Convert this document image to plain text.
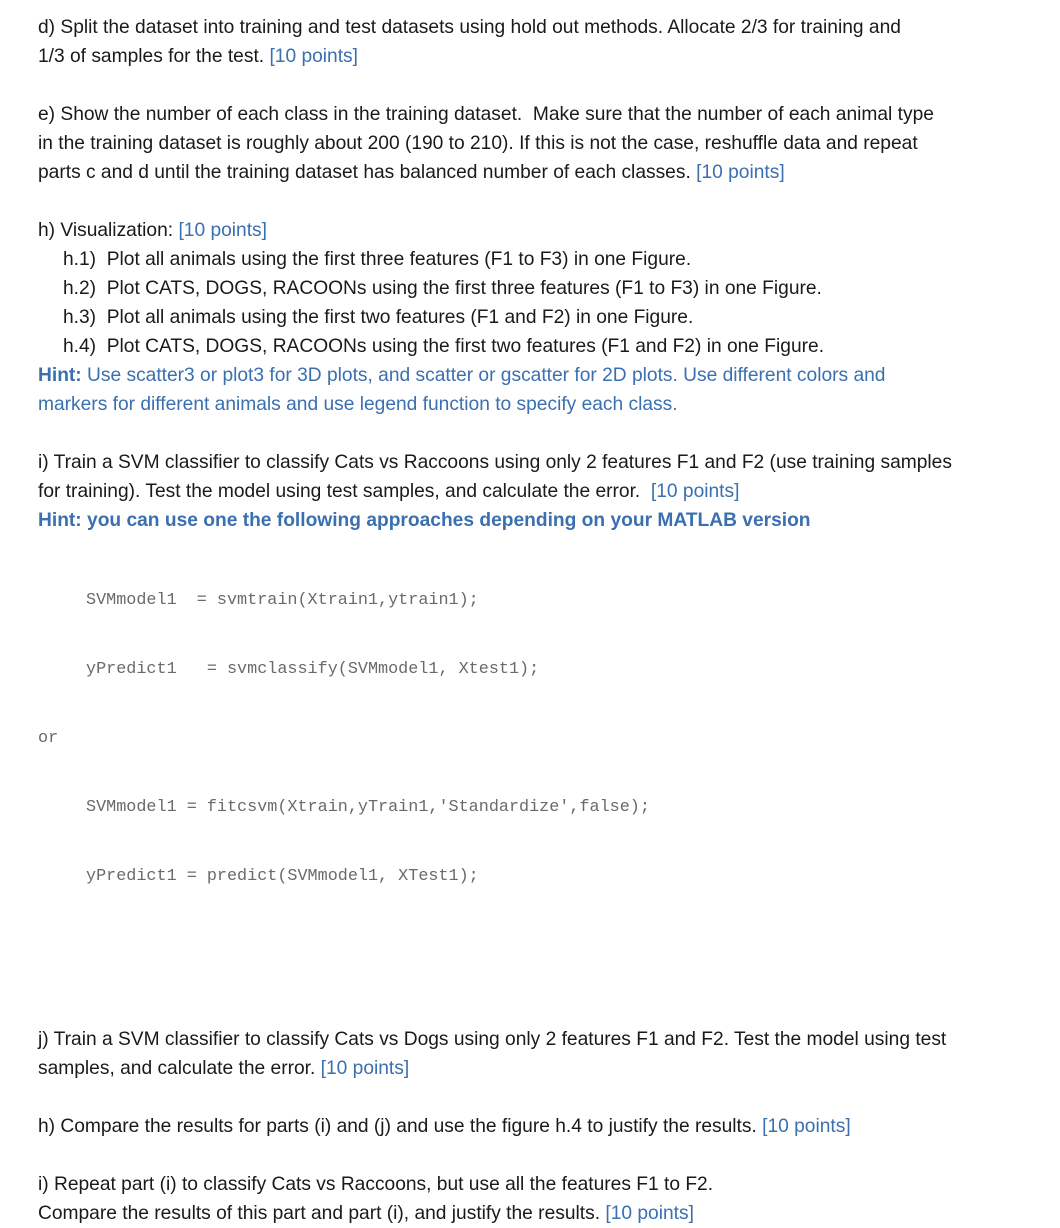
d) Split the dataset into training and test datasets using hold out methods. Allocate 2/3 for training and
1/3 of samples for the test. [10 points]
e) Show the number of each class in the training dataset.  Make sure that the number of each animal type
in the training dataset is roughly about 200 (190 to 210). If this is not the case, reshuffle data and repeat
parts c and d until the training dataset has balanced number of each classes. [10 points]
h) Visualization: [10 points]
h.1)  Plot all animals using the first three features (F1 to F3) in one Figure.
h.2)  Plot CATS, DOGS, RACOONs using the first three features (F1 to F3) in one Figure.
h.3)  Plot all animals using the first two features (F1 and F2) in one Figure.
h.4)  Plot CATS, DOGS, RACOONs using the first two features (F1 and F2) in one Figure.
Hint: Use scatter3 or plot3 for 3D plots, and scatter or gscatter for 2D plots. Use different colors and
markers for different animals and use legend function to specify each class.
i) Train a SVM classifier to classify Cats vs Raccoons using only 2 features F1 and F2 (use training samples
for training). Test the model using test samples, and calculate the error.  [10 points]
Hint: you can use one the following approaches depending on your MATLAB version

SVMmodel1  = svmtrain(Xtrain1,ytrain1);

yPredict1   = svmclassify(SVMmodel1, Xtest1);

or

SVMmodel1 = fitcsvm(Xtrain,yTrain1,'Standardize',false);

yPredict1 = predict(SVMmodel1, XTest1);

j) Train a SVM classifier to classify Cats vs Dogs using only 2 features F1 and F2. Test the model using test
samples, and calculate the error. [10 points]
h) Compare the results for parts (i) and (j) and use the figure h.4 to justify the results. [10 points]
i) Repeat part (i) to classify Cats vs Raccoons, but use all the features F1 to F2.
Compare the results of this part and part (i), and justify the results. [10 points]
